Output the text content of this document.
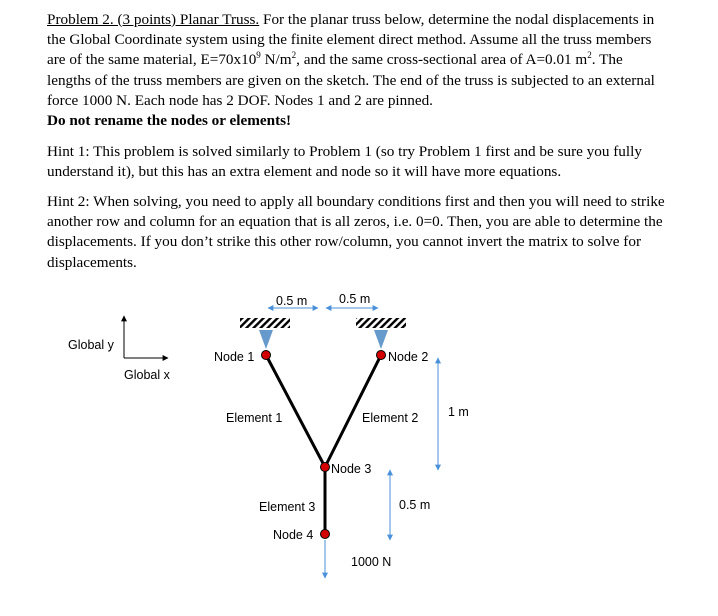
Problem 2. (3 points) Planar Truss. For the planar truss below, determine the nodal displacements in the Global Coordinate system using the finite element direct method. Assume all the truss members are of the same material, $E=70x10^9$ $N/m^2$, and the same cross-sectional area of A=0.01 $m^2$. The lengths of the truss members are given on the sketch. The end of the truss is subjected to an external force 1000 N. Each node has 2 DOF. Nodes 1 and 2 are pinned.
Do not rename the nodes or elements!
Hint 1: This problem is solved similarly to Problem 1 (so try Problem 1 first and be sure you fully understand it), but this has an extra element and node so it will have more equations.
Hint 2: When solving, you need to apply all boundary conditions first and then you will need to strike another row and column for an equation that is all zeros, i.e. 0=0. Then, you are able to determine the displacements. If you don’t strike this other row/column, you cannot invert the matrix to solve for displacements.
Global y
Global x
0.5 m	0.5 m
1 m
0.5 m
Node 1	Node 2
Node 3
Node 4
Element 1	Element 2
Element 3
1000 N
